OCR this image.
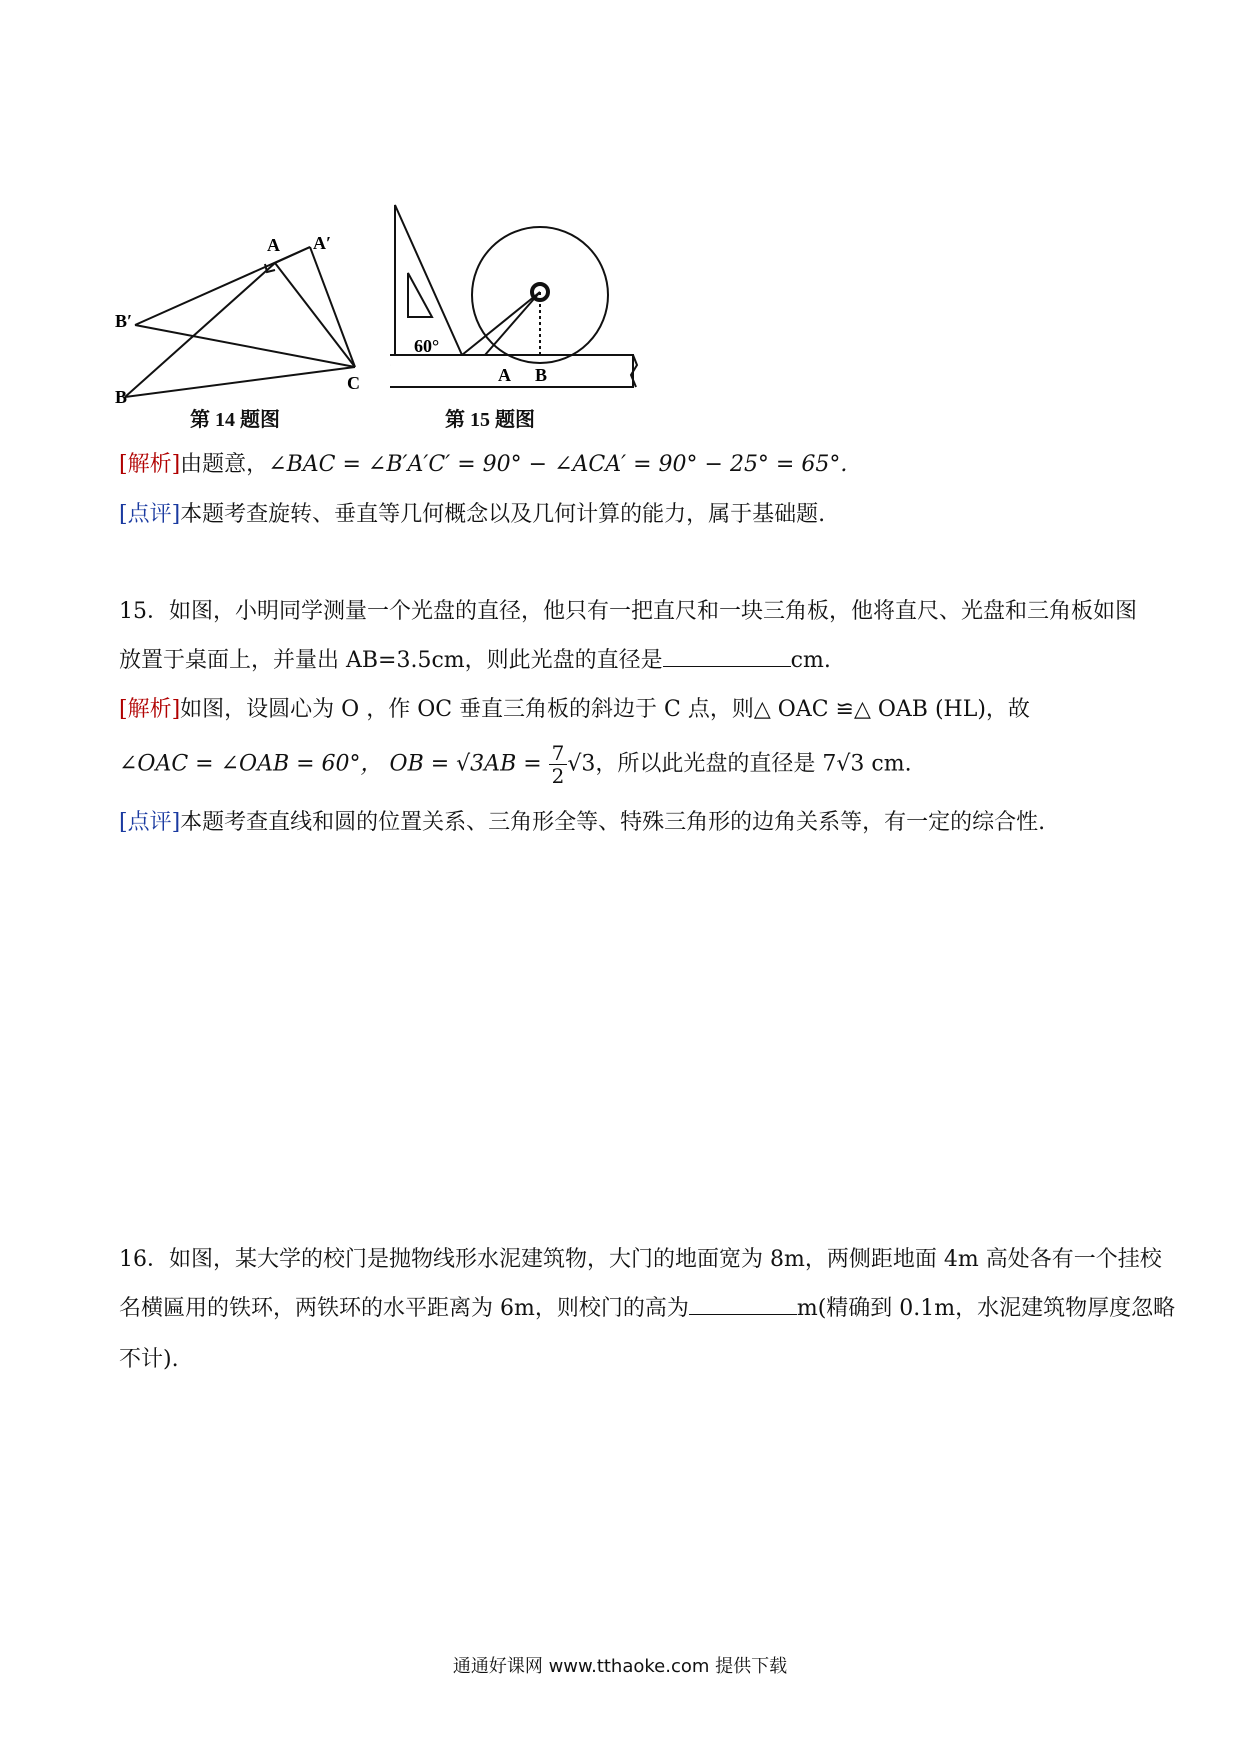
A A′
B′
B
C
第 14 题图
60°
A B
第 15 题图
[解析]由题意，∠BAC = ∠B′A′C′ = 90° − ∠ACA′ = 90° − 25° = 65°.
[点评]本题考查旋转、垂直等几何概念以及几何计算的能力，属于基础题.
15．如图，小明同学测量一个光盘的直径，他只有一把直尺和一块三角板，他将直尺、光盘和三角板如图
放置于桌面上，并量出 AB=3.5cm，则此光盘的直径是	cm.
[解析]如图，设圆心为 O ，作 OC 垂直三角板的斜边于 C 点，则△ OAC ≌△ OAB (HL)，故
∠OAC = ∠OAB = 60°， OB = $√3AB = \frac{7}{2} √3$，所以此光盘的直径是 7√3 cm.
[点评]本题考查直线和圆的位置关系、三角形全等、特殊三角形的边角关系等，有一定的综合性.
16．如图，某大学的校门是抛物线形水泥建筑物，大门的地面宽为 8m，两侧距地面 4m 高处各有一个挂校
名横匾用的铁环，两铁环的水平距离为 6m，则校门的高为	m(精确到 0.1m，水泥建筑物厚度忽略
不计).
通通好课网 www.tthaoke.com 提供下载
